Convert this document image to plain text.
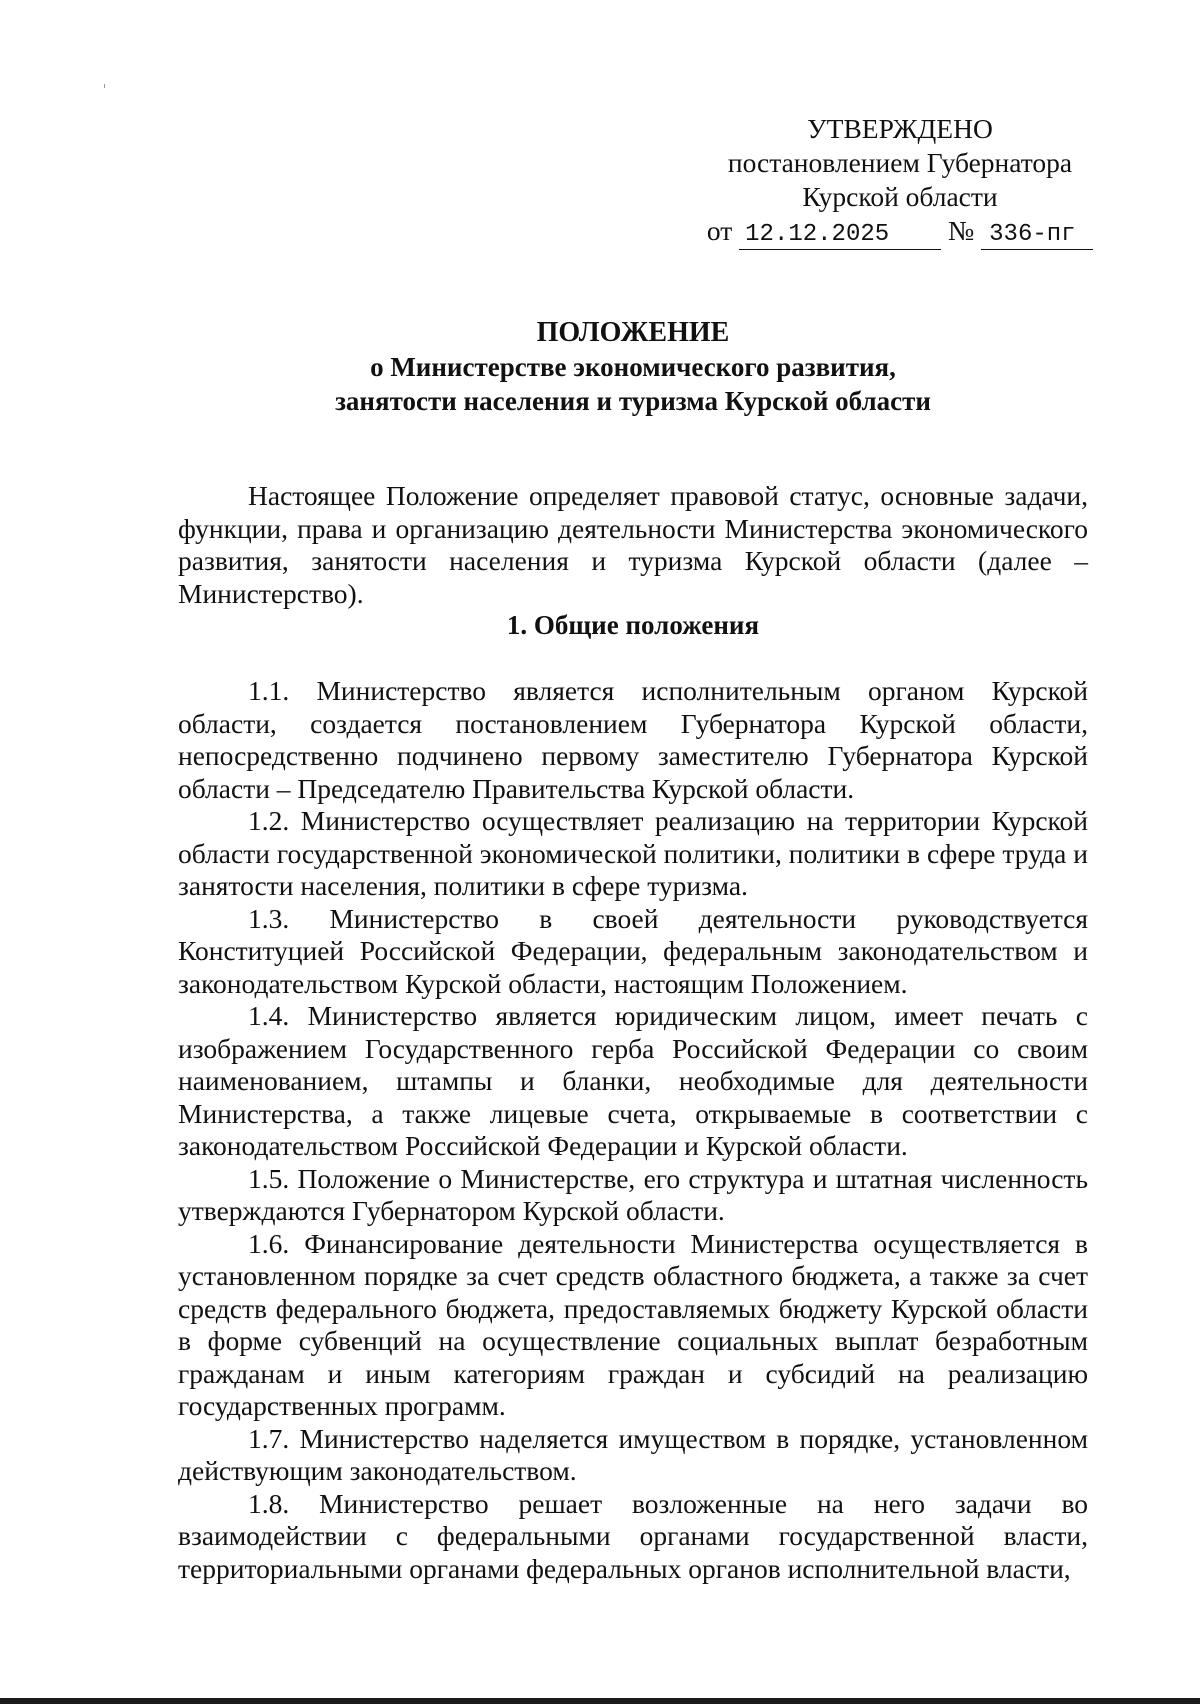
УТВЕРЖДЕНО
постановлением Губернатора
Курской области
от 12.12.2025 № 336-пг
ПОЛОЖЕНИЕ
о Министерстве экономического развития,
занятости населения и туризма Курской области

Настоящее Положение определяет правовой статус, основные задачи, функции, права и организацию деятельности Министерства экономического развития, занятости населения и туризма Курской области (далее – Министерство).

1. Общие положения

1.1. Министерство является исполнительным органом Курской области, создается постановлением Губернатора Курской области, непосредственно подчинено первому заместителю Губернатора Курской области – Председателю Правительства Курской области.

1.2. Министерство осуществляет реализацию на территории Курской области государственной экономической политики, политики в сфере труда и занятости населения, политики в сфере туризма.

1.3. Министерство в своей деятельности руководствуется Конституцией Российской Федерации, федеральным законодательством и законодательством Курской области, настоящим Положением.

1.4. Министерство является юридическим лицом, имеет печать с изображением Государственного герба Российской Федерации со своим наименованием, штампы и бланки, необходимые для деятельности Министерства, а также лицевые счета, открываемые в соответствии с законодательством Российской Федерации и Курской области.

1.5. Положение о Министерстве, его структура и штатная численность утверждаются Губернатором Курской области.

1.6. Финансирование деятельности Министерства осуществляется в установленном порядке за счет средств областного бюджета, а также за счет средств федерального бюджета, предоставляемых бюджету Курской области в форме субвенций на осуществление социальных выплат безработным гражданам и иным категориям граждан и субсидий на реализацию государственных программ.

1.7. Министерство наделяется имуществом в порядке, установленном действующим законодательством.

1.8. Министерство решает возложенные на него задачи во взаимодействии с федеральными органами государственной власти, территориальными органами федеральных органов исполнительной власти,
